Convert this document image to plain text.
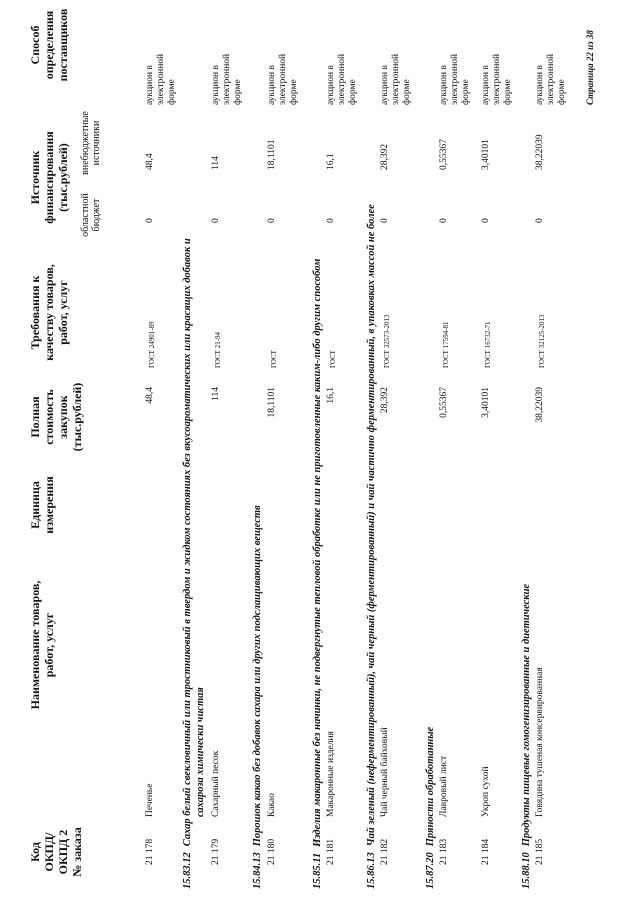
Код ОКПД/ ОКПД 2 № заказа
Наименование товаров, работ, услуг
Единица измерения
Полная стоимость закупок (тыс.рублей)
Требования к качеству товаров, работ, услуг
Источник финансирования (тыс.рублей)
областной бюджет
внебюджетные источники
Способ определения поставщиков
21 178
Печенье
48,4
ГОСТ 24901-89
0
48,4
аукцион в электронной форме
15.83.12Сахар белый свекловичный или тростниковый в твердом и жидком состояниях без вкусоароматических или красящих добавок и сахароза химически чистая
21 179
Сахарный песок
114
ГОСТ 21-94
0
114
аукцион в электронной форме
15.84.13Порошок какао без добавок сахара или других подслащивающих веществ
21 180
Какао
18,1101
ГОСТ
0
18,1101
аукцион в электронной форме
15.85.11Изделия макаронные без начинки, не подвергнутые тепловой обработке или не приготовленные каким-либо другим способом
21 181
Макаронные изделия
16,1
ГОСТ
0
16,1
аукцион в электронной форме
15.86.13Чай зеленый (неферментированный), чай черный (ферментированный) и чай частично ферментированный, в упаковках массой не более
21 182
Чай черный байховый
28,392
ГОСТ 32573-2013
0
28,392
аукцион в электронной форме
15.87.20Пряности обработанные
21 183
Лавровый лист
0,55367
ГОСТ 17594-81
0
0,55367
аукцион в электронной форме
21 184
Укроп сухой
3,40101
ГОСТ 16732-71
0
3,40101
аукцион в электронной форме
15.88.10Продукты пищевые гомогенизированные и диетические
21 185
Говядина тушеная консервированная
38,22039
ГОСТ 32125-2013
0
38,22039
аукцион в электронной форме Страница 22 из 38
